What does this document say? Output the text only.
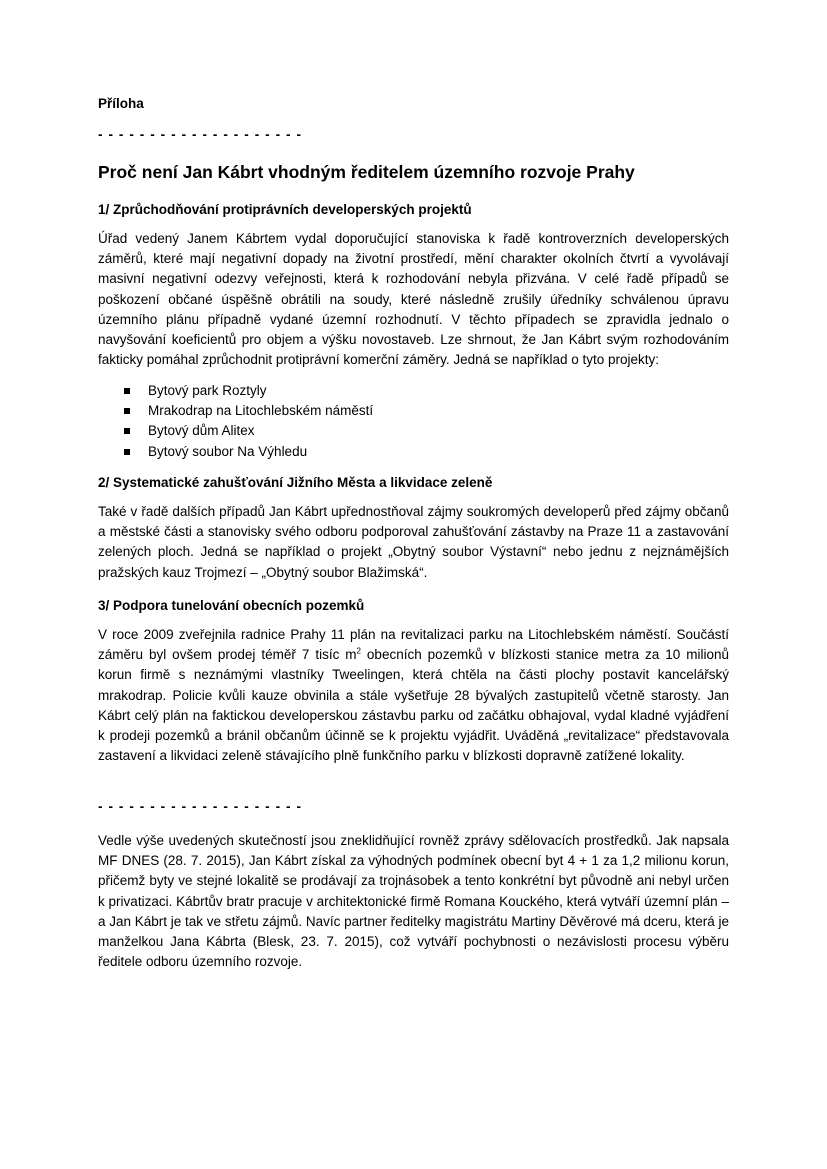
Příloha
- - - - - - - - - - - - - - - - - - - -
Proč není Jan Kábrt vhodným ředitelem územního rozvoje Prahy
1/ Zprůchodňování protiprávních developerských projektů

Úřad vedený Janem Kábrtem vydal doporučující stanoviska k řadě kontroverzních developerských záměrů, které mají negativní dopady na životní prostředí, mění charakter okolních čtvrtí a vyvolávají masivní negativní odezvy veřejnosti, která k rozhodování nebyla přizvána. V celé řadě případů se poškození občané úspěšně obrátili na soudy, které následně zrušily úředníky schválenou úpravu územního plánu případně vydané územní rozhodnutí. V těchto případech se zpravidla jednalo o navyšování koeficientů pro objem a výšku novostaveb. Lze shrnout, že Jan Kábrt svým rozhodováním fakticky pomáhal zprůchodnit protiprávní komerční záměry. Jedná se například o tyto projekty:

Bytový park Roztyly
Mrakodrap na Litochlebském náměstí
Bytový dům Alitex
Bytový soubor Na Výhledu
2/ Systematické zahušťování Jižního Města a likvidace zeleně

Také v řadě dalších případů Jan Kábrt upřednostňoval zájmy soukromých developerů před zájmy občanů a městské části a stanovisky svého odboru podporoval zahušťování zástavby na Praze 11 a zastavování zelených ploch. Jedná se například o projekt „Obytný soubor Výstavní“ nebo jednu z nejznámějších pražských kauz Trojmezí – „Obytný soubor Blažimská“.

3/ Podpora tunelování obecních pozemků

V roce 2009 zveřejnila radnice Prahy 11 plán na revitalizaci parku na Litochlebském náměstí. Součástí záměru byl ovšem prodej téměř 7 tisíc $m^2$ obecních pozemků v blízkosti stanice metra za 10 milionů korun firmě s neznámými vlastníky Tweelingen, která chtěla na části plochy postavit kancelářský mrakodrap. Policie kvůli kauze obvinila a stále vyšetřuje 28 bývalých zastupitelů včetně starosty. Jan Kábrt celý plán na faktickou developerskou zástavbu parku od začátku obhajoval, vydal kladné vyjádření k prodeji pozemků a bránil občanům účinně se k projektu vyjádřit. Uváděná „revitalizace“ představovala zastavení a likvidaci zeleně stávajícího plně funkčního parku v blízkosti dopravně zatížené lokality.

- - - - - - - - - - - - - - - - - - - -

Vedle výše uvedených skutečností jsou zneklidňující rovněž zprávy sdělovacích prostředků. Jak napsala MF DNES (28. 7. 2015), Jan Kábrt získal za výhodných podmínek obecní byt 4 + 1 za 1,2 milionu korun, přičemž byty ve stejné lokalitě se prodávají za trojnásobek a tento konkrétní byt původně ani nebyl určen k privatizaci. Kábrtův bratr pracuje v architektonické firmě Romana Kouckého, která vytváří územní plán – a Jan Kábrt je tak ve střetu zájmů. Navíc partner ředitelky magistrátu Martiny Děvěrové má dceru, která je manželkou Jana Kábrta (Blesk, 23. 7. 2015), což vytváří pochybnosti o nezávislosti procesu výběru ředitele odboru územního rozvoje.
